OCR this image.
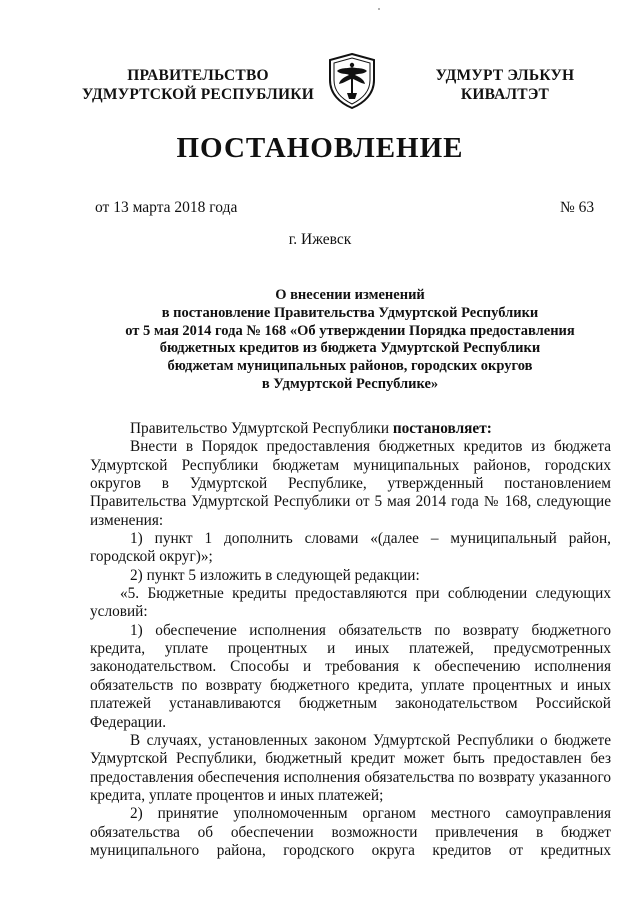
ПРАВИТЕЛЬСТВО
УДМУРТСКОЙ РЕСПУБЛИКИ
УДМУРТ ЭЛЬКУН
КИВАЛТЭТ
ПОСТАНОВЛЕНИЕ
от 13 марта 2018 года	№ 63
г. Ижевск
О внесении изменений
в постановление Правительства Удмуртской Республики
от 5 мая 2014 года № 168 «Об утверждении Порядка предоставления
бюджетных кредитов из бюджета Удмуртской Республики
бюджетам муниципальных районов, городских округов
в Удмуртской Республике»

Правительство Удмуртской Республики постановляет:

Внести в Порядок предоставления бюджетных кредитов из бюджета Удмуртской Республики бюджетам муниципальных районов, городских округов в Удмуртской Республике, утвержденный постановлением Правительства Удмуртской Республики от 5 мая 2014 года № 168, следующие изменения:

1) пункт 1 дополнить словами «(далее – муниципальный район, городской округ)»;

2) пункт 5 изложить в следующей редакции:

«5. Бюджетные кредиты предоставляются при соблюдении следующих условий:

1) обеспечение исполнения обязательств по возврату бюджетного кредита, уплате процентных и иных платежей, предусмотренных законодательством. Способы и требования к обеспечению исполнения обязательств по возврату бюджетного кредита, уплате процентных и иных платежей устанавливаются бюджетным законодательством Российской Федерации.

В случаях, установленных законом Удмуртской Республики о бюджете Удмуртской Республики, бюджетный кредит может быть предоставлен без предоставления обеспечения исполнения обязательства по возврату указанного кредита, уплате процентов и иных платежей;

2) принятие уполномоченным органом местного самоуправления обязательства об обеспечении возможности привлечения в бюджет муниципального района, городского округа кредитов от кредитных
